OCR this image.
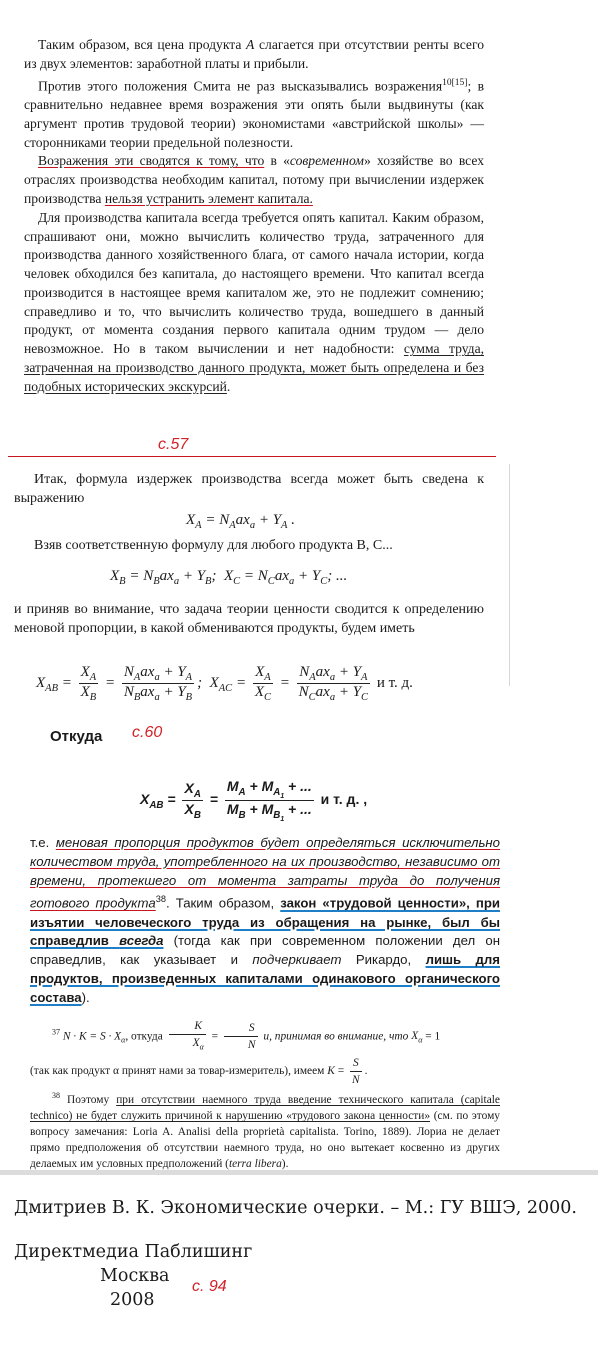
Таким образом, вся цена продукта A слагается при отсутствии ренты всего из двух элементов: заработной платы и прибыли.

Против этого положения Смита не раз высказывались возражения$^{10[15]}$; в сравнительно недавнее время возражения эти опять были выдвинуты (как аргумент против трудовой теории) экономистами «австрийской школы» — сторонниками теории предельной полезности.

Возражения эти сводятся к тому, что в «современном» хозяйстве во всех отраслях производства необходим капитал, потому при вычислении издержек производства нельзя устранить элемент капитала.

Для производства капитала всегда требуется опять капитал. Каким образом, спрашивают они, можно вычислить количество труда, затраченного для производства данного хозяйственного блага, от самого начала истории, когда человек обходился без капитала, до настоящего времени. Что капитал всегда производится в настоящее время капиталом же, это не подлежит сомнению; справедливо и то, что вычислить количество труда, вошедшего в данный продукт, от момента создания первого капитала одним трудом — дело невозможное. Но в таком вычислении и нет надобности: сумма труда, затраченная на производство данного продукта, может быть определена и без подобных исторических экскурсий.

с.57

Итак, формула издержек производства всегда может быть сведена к выражению

$X_A = N_Aax_a + Y_A$ .
Взяв соответственную формулу для любого продукта B, C...
$X_B = N_Bax_a + Y_B$;  $X_C = N_Cax_a + Y_C$; ...
и приняв во внимание, что задача теории ценности сводится к определению меновой пропорции, в какой обмениваются продукты, будем иметь
$X_{AB} = \frac{X_A}{X_B} = \frac{N_Aax_a + Y_A}{N_Bax_a + Y_B}$ ;  $X_{AC} = \frac{X_A}{X_C} = \frac{N_Aax_a + Y_A}{N_Cax_a + Y_C}$ и т. д.
с.60
Откуда
$X_{AB} = \frac{X_A}{X_B} = \frac{M_A + M_{A_1} + ...}{M_B + M_{B_1} + ...}$ и т. д. ,

т.е. меновая пропорция продуктов будет определяться исключительно количеством труда, употребленного на их производство, независимо от времени, протекшего от момента затраты труда до получения готового продукта$^{38}$. Таким образом, закон «трудовой ценности», при изъятии человеческого труда из обращения на рынке, был бы справедлив всегда (тогда как при современном положении дел он справедлив, как указывает и подчеркивает Рикардо, лишь для продуктов, произведенных капиталами одинакового органического состава).

$^{37}$ $N \cdot K = S \cdot X_\alpha$, откуда $\frac{K}{X_\alpha} = \frac{S}{N} u$, принимая во внимание, что $X_\alpha = 1$

(так как продукт α принят нами за товар-измеритель), имеем $K = \frac{S}{N}$ .

$^{38}$ Поэтому при отсутствии наемного труда введение технического капитала (capitale technico) не будет служить причиной к нарушению «трудового закона ценности» (см. по этому вопросу замечания: Loria A. Analisi della proprietà capitalista. Torino, 1889). Лориа не делает прямо предположения об отсутствии наемного труда, но оно вытекает косвенно из других делаемых им условных предположений (terra libera).

Дмитриев В. К. Экономические очерки. – М.: ГУ ВШЭ, 2000.
Директмедиа Паблишинг
Москва
2008
с. 94
